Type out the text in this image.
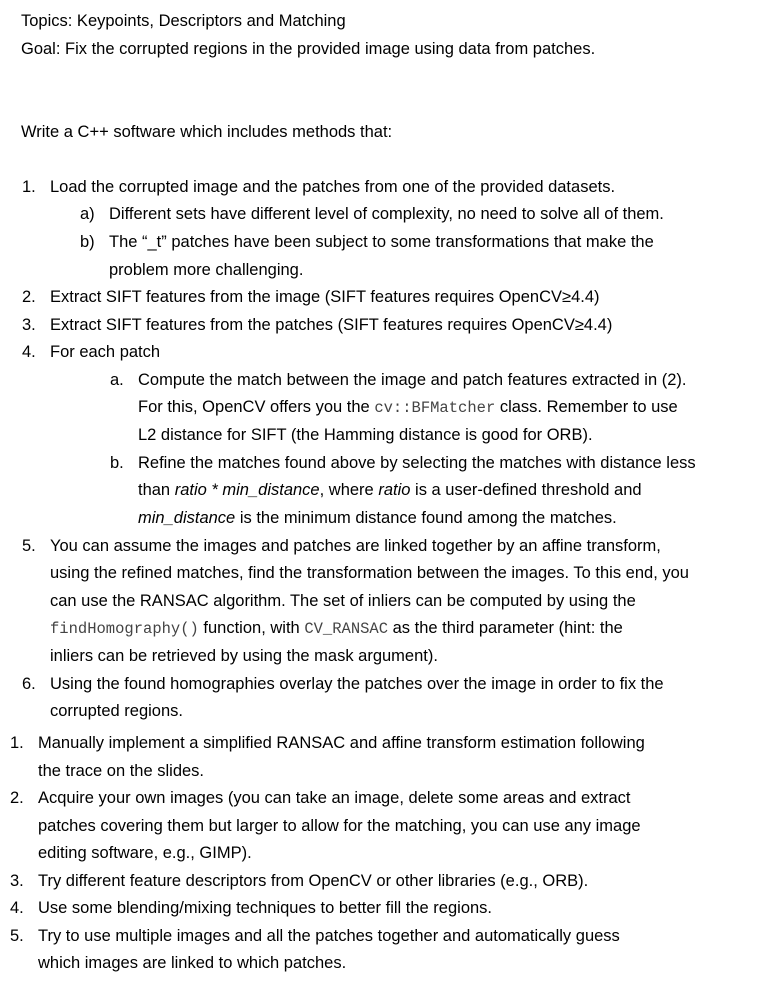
Topics: Keypoints, Descriptors and Matching
Goal: Fix the corrupted regions in the provided image using data from patches.
Write a C++ software which includes methods that:
1. Load the corrupted image and the patches from one of the provided datasets.
a) Different sets have different level of complexity, no need to solve all of them.
b) The “_t” patches have been subject to some transformations that make the
problem more challenging.
2. Extract SIFT features from the image (SIFT features requires OpenCV≥4.4)
3. Extract SIFT features from the patches (SIFT features requires OpenCV≥4.4)
4. For each patch
a. Compute the match between the image and patch features extracted in (2).
For this, OpenCV offers you the cv::BFMatcher class. Remember to use
L2 distance for SIFT (the Hamming distance is good for ORB).
b. Refine the matches found above by selecting the matches with distance less
than ratio * min_distance, where ratio is a user-defined threshold and
min_distance is the minimum distance found among the matches.
5. You can assume the images and patches are linked together by an affine transform,
using the refined matches, find the transformation between the images. To this end, you
can use the RANSAC algorithm. The set of inliers can be computed by using the
findHomography() function, with CV_RANSAC as the third parameter (hint: the
inliers can be retrieved by using the mask argument).
6. Using the found homographies overlay the patches over the image in order to fix the
corrupted regions.
1. Manually implement a simplified RANSAC and affine transform estimation following
the trace on the slides.
2. Acquire your own images (you can take an image, delete some areas and extract
patches covering them but larger to allow for the matching, you can use any image
editing software, e.g., GIMP).
3. Try different feature descriptors from OpenCV or other libraries (e.g., ORB).
4. Use some blending/mixing techniques to better fill the regions.
5. Try to use multiple images and all the patches together and automatically guess
which images are linked to which patches.
